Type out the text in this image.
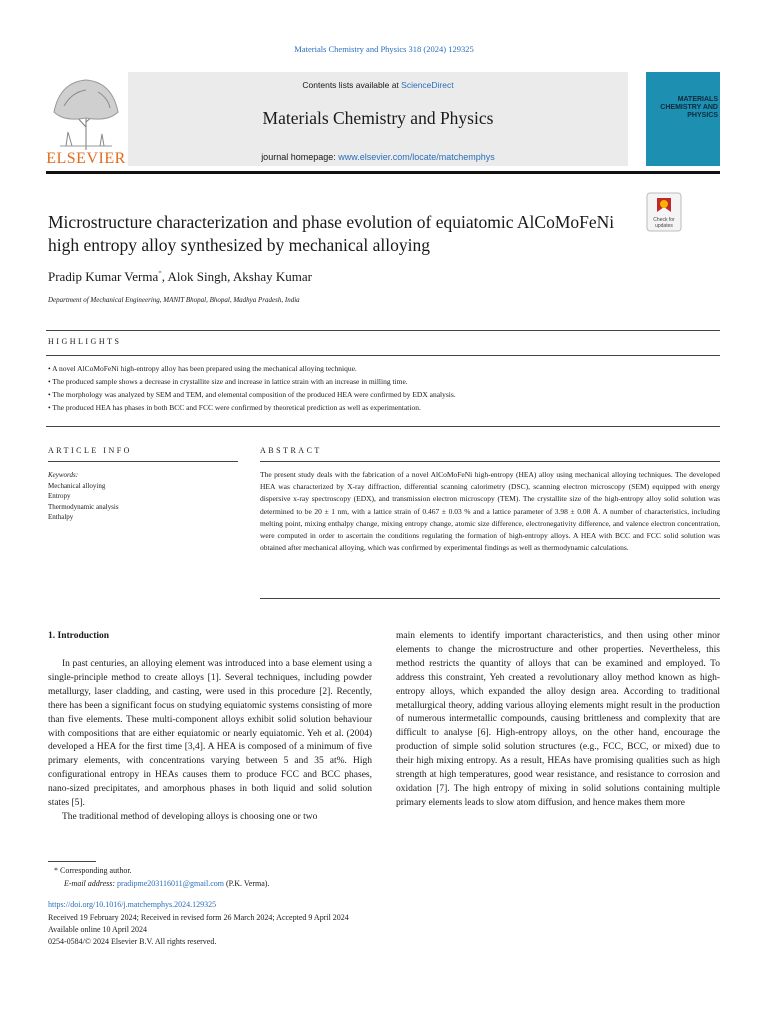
Materials Chemistry and Physics 318 (2024) 129325
ELSEVIER
Contents lists available at ScienceDirect
Materials Chemistry and Physics
journal homepage: www.elsevier.com/locate/matchemphys
MATERIALS CHEMISTRY AND PHYSICS
Check for
updates
Microstructure characterization and phase evolution of equiatomic AlCoMoFeNi high entropy alloy synthesized by mechanical alloying
Pradip Kumar Verma*, Alok Singh, Akshay Kumar
Department of Mechanical Engineering, MANIT Bhopal, Bhopal, Madhya Pradesh, India
HIGHLIGHTS
• A novel AlCoMoFeNi high-entropy alloy has been prepared using the mechanical alloying technique.
• The produced sample shows a decrease in crystallite size and increase in lattice strain with an increase in milling time.
• The morphology was analyzed by SEM and TEM, and elemental composition of the produced HEA were confirmed by EDX analysis.
• The produced HEA has phases in both BCC and FCC were confirmed by theoretical prediction as well as experimentation.
ARTICLE INFO	ABSTRACT
Keywords:
Mechanical alloying
Entropy
Thermodynamic analysis
Enthalpy
The present study deals with the fabrication of a novel AlCoMoFeNi high-entropy (HEA) alloy using mechanical alloying techniques. The developed HEA was characterized by X-ray diffraction, differential scanning calorimetry (DSC), scanning electron microscopy (SEM) equipped with energy dispersive x-ray spectroscopy (EDX), and transmission electron microscopy (TEM). The crystallite size of the high-entropy alloy solid solution was determined to be 20 ± 1 nm, with a lattice strain of 0.467 ± 0.03 % and a lattice parameter of 3.98 ± 0.08 Å. A number of characteristics, including melting point, mixing enthalpy change, mixing entropy change, atomic size difference, electronegativity difference, and valence electron concentration, were computed in order to ascertain the conditions regulating the formation of high-entropy alloys. A HEA with BCC and FCC solid solution was obtained after mechanical alloying, which was confirmed by experimental findings as well as thermodynamic calculations.
1. Introduction

In past centuries, an alloying element was introduced into a base element using a single-principle method to create alloys [1]. Several techniques, including powder metallurgy, laser cladding, and casting, were used in this procedure [2]. Recently, there has been a significant focus on studying equiatomic systems consisting of more than five elements. These multi-component alloys exhibit solid solution behaviour with compositions that are either equiatomic or nearly equiatomic. Yeh et al. (2004) developed a HEA for the first time [3,4]. A HEA is composed of a minimum of five primary elements, with concentrations varying between 5 and 35 at%. High configurational entropy in HEAs causes them to produce FCC and BCC phases, nano-sized precipitates, and amorphous phases in both liquid and solid solution states [5].

The traditional method of developing alloys is choosing one or two

main elements to identify important characteristics, and then using other minor elements to change the microstructure and other properties. Nevertheless, this method restricts the quantity of alloys that can be examined and employed. To address this constraint, Yeh created a revolutionary alloy method known as high-entropy alloys, which expanded the alloy design area. According to traditional metallurgical theory, adding various alloying elements might result in the production of numerous intermetallic compounds, causing brittleness and complexity that are difficult to analyse [6]. High-entropy alloys, on the other hand, encourage the production of simple solid solution structures (e.g., FCC, BCC, or mixed) due to their high mixing entropy. As a result, HEAs have promising qualities such as high strength at high temperatures, good wear resistance, and resistance to corrosion and oxidation [7]. The high entropy of mixing in solid solutions containing multiple primary elements leads to slow atom diffusion, and hence makes them more

* Corresponding author.
E-mail address: pradipme203116011@gmail.com (P.K. Verma).
https://doi.org/10.1016/j.matchemphys.2024.129325
Received 19 February 2024; Received in revised form 26 March 2024; Accepted 9 April 2024
Available online 10 April 2024
0254-0584/© 2024 Elsevier B.V. All rights reserved.
